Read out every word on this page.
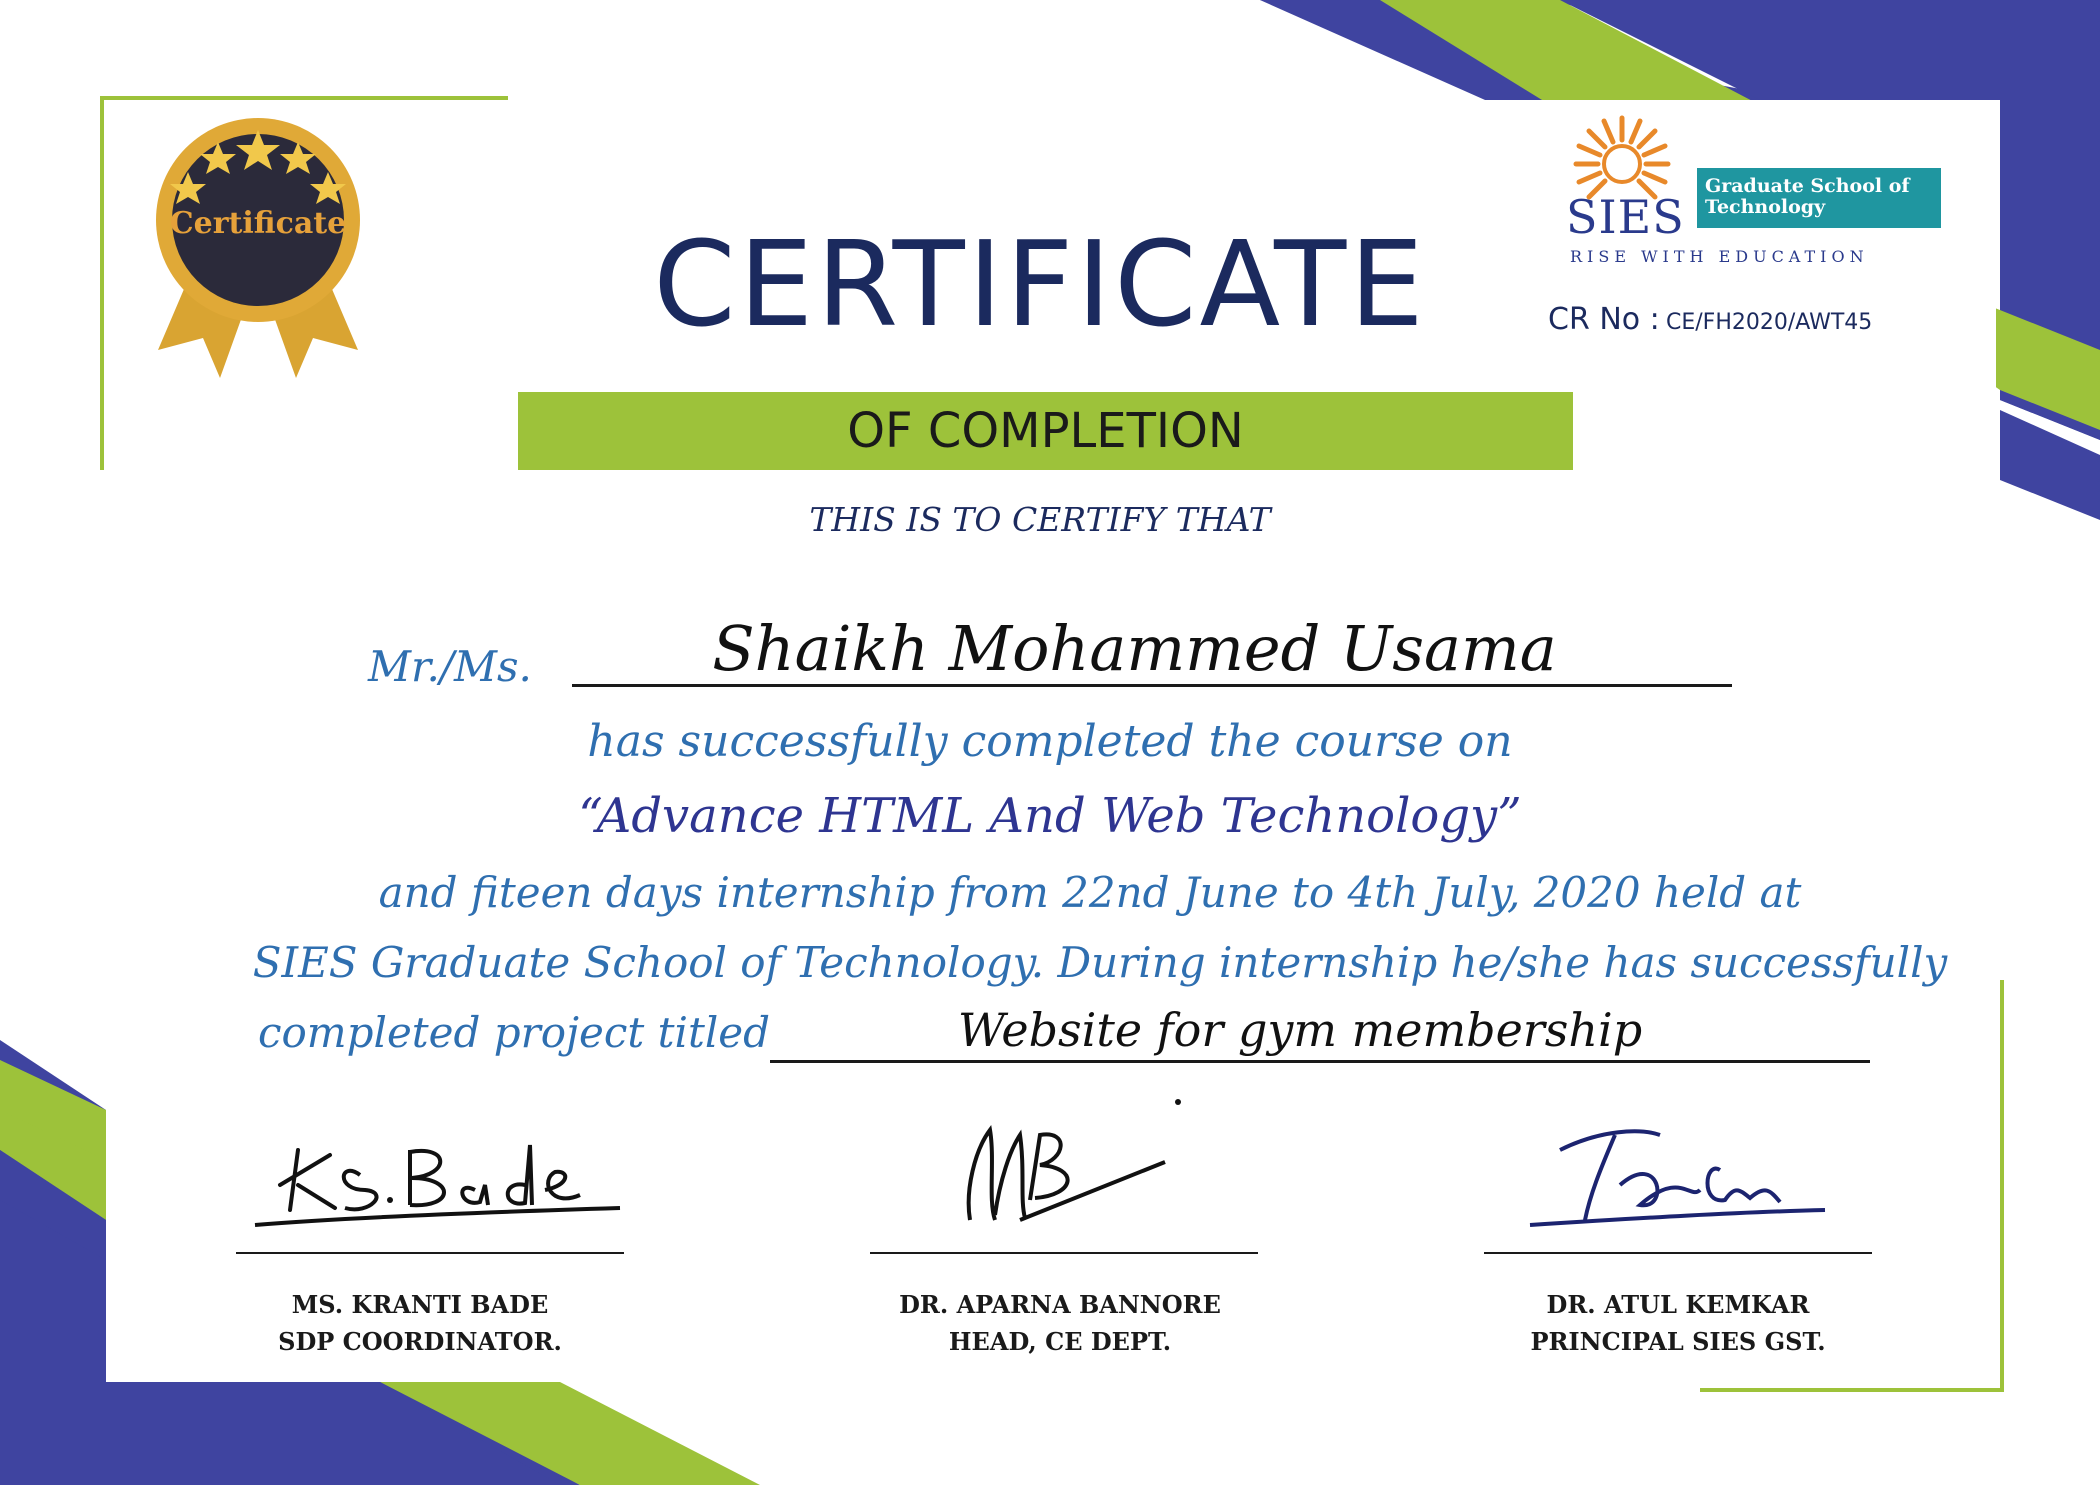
Certificate	CERTIFICATE
OF COMPLETION
THIS IS TO CERTIFY THAT
SIES
Graduate School of
Technology
RISE WITH EDUCATION
CR No : CE/FH2020/AWT45
Mr./Ms.	Shaikh Mohammed Usama
has successfully completed the course on
“Advance HTML And Web Technology”
and fiteen days internship from 22nd June to 4th July, 2020 held at
SIES Graduate School of Technology. During internship he/she has successfully
completed project titled	Website for gym membership
MS. KRANTI BADE
SDP COORDINATOR.
DR. APARNA BANNORE
HEAD, CE DEPT.
DR. ATUL KEMKAR
PRINCIPAL SIES GST.
